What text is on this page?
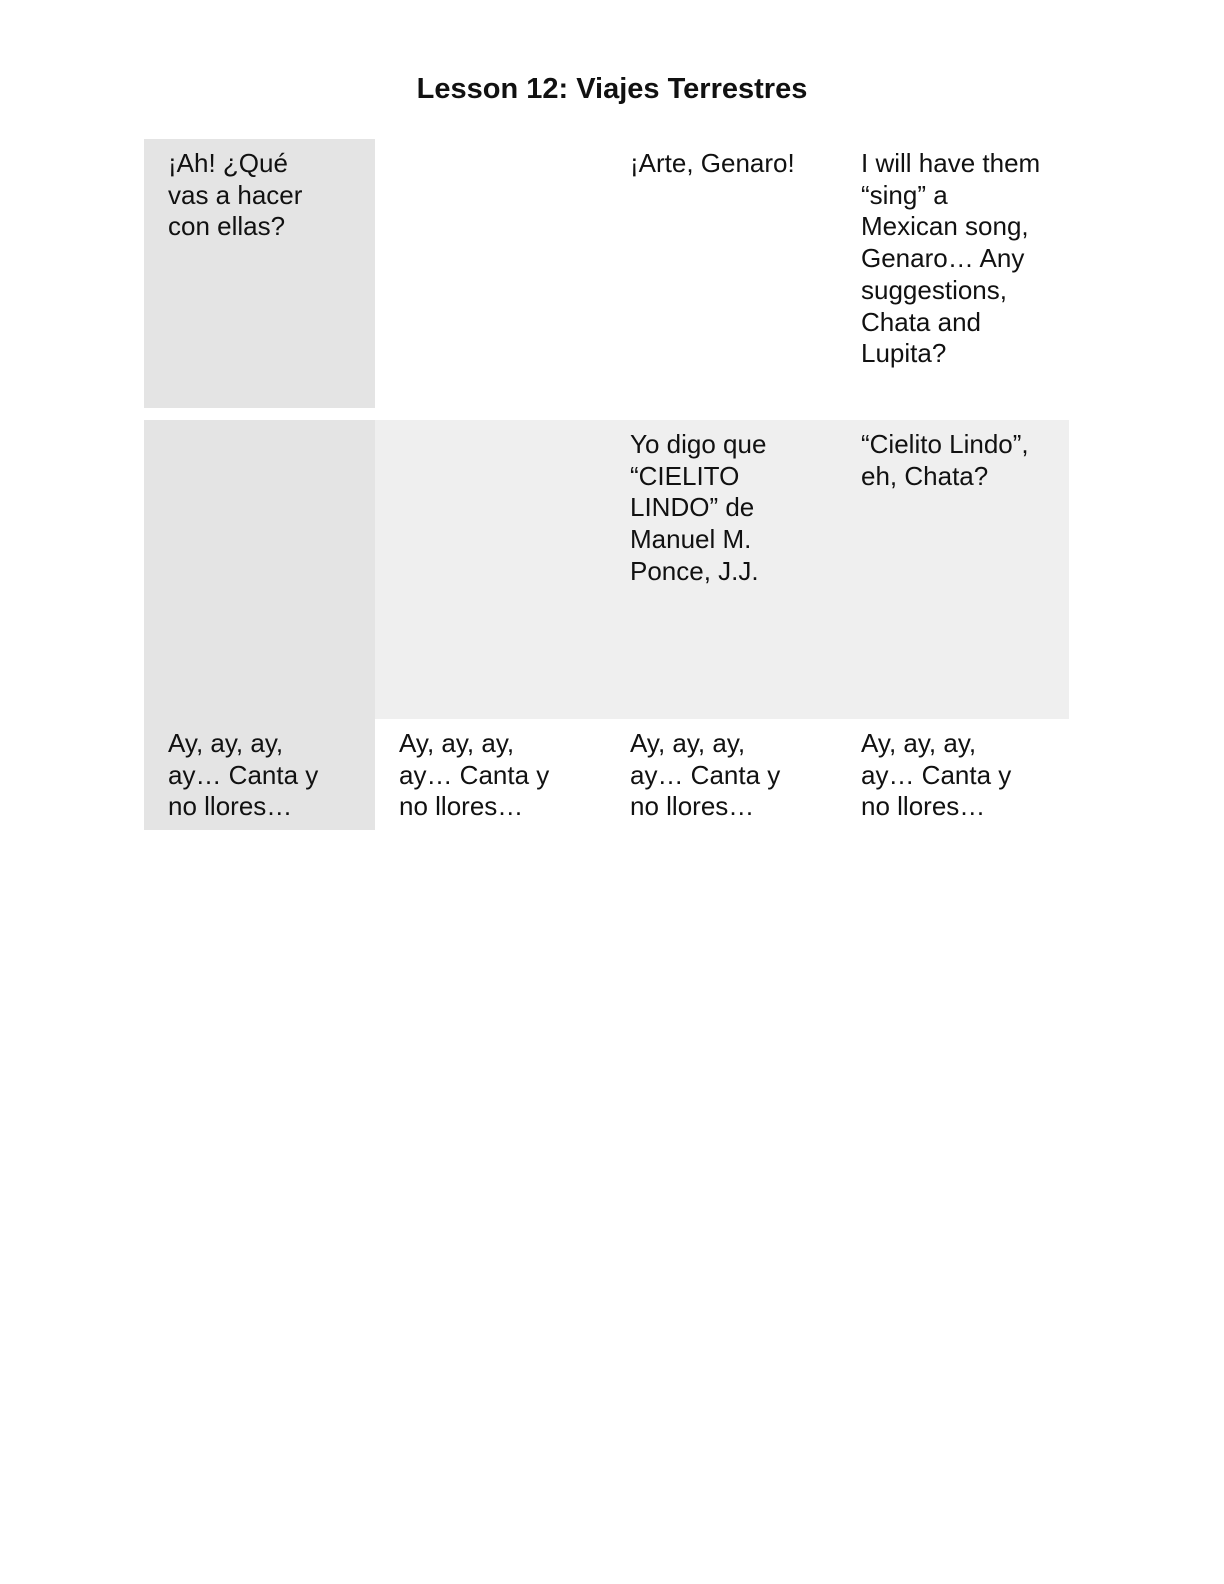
Lesson 12: Viajes Terrestres
¡Ah! ¿Qué vas a hacer con ellas?
¡Arte, Genaro!	I will have them “sing” a Mexican song, Genaro… Any suggestions, Chata and Lupita?
Yo digo que “CIELITO LINDO” de Manuel M. Ponce, J.J.
“Cielito Lindo”, eh, Chata?
Ay, ay, ay, ay… Canta y no llores…
Ay, ay, ay, ay… Canta y no llores…
Ay, ay, ay, ay… Canta y no llores…
Ay, ay, ay, ay… Canta y no llores…
